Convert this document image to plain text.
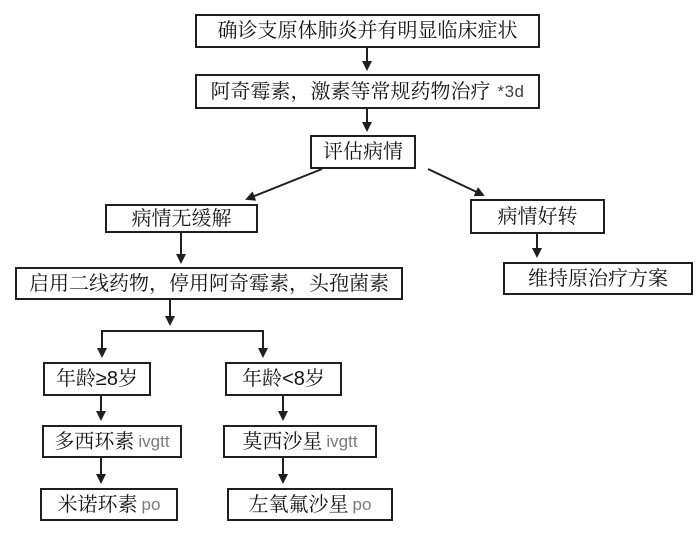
确诊支原体肺炎并有明显临床症状
阿奇霉素，激素等常规药物治疗 *3d
评估病情
病情无缓解	病情好转
启用二线药物，停用阿奇霉素，头孢菌素	维持原治疗方案
年龄≥8岁	年龄<8岁
多西环素 ivgtt	莫西沙星 ivgtt
米诺环素 po	左氧氟沙星 po
